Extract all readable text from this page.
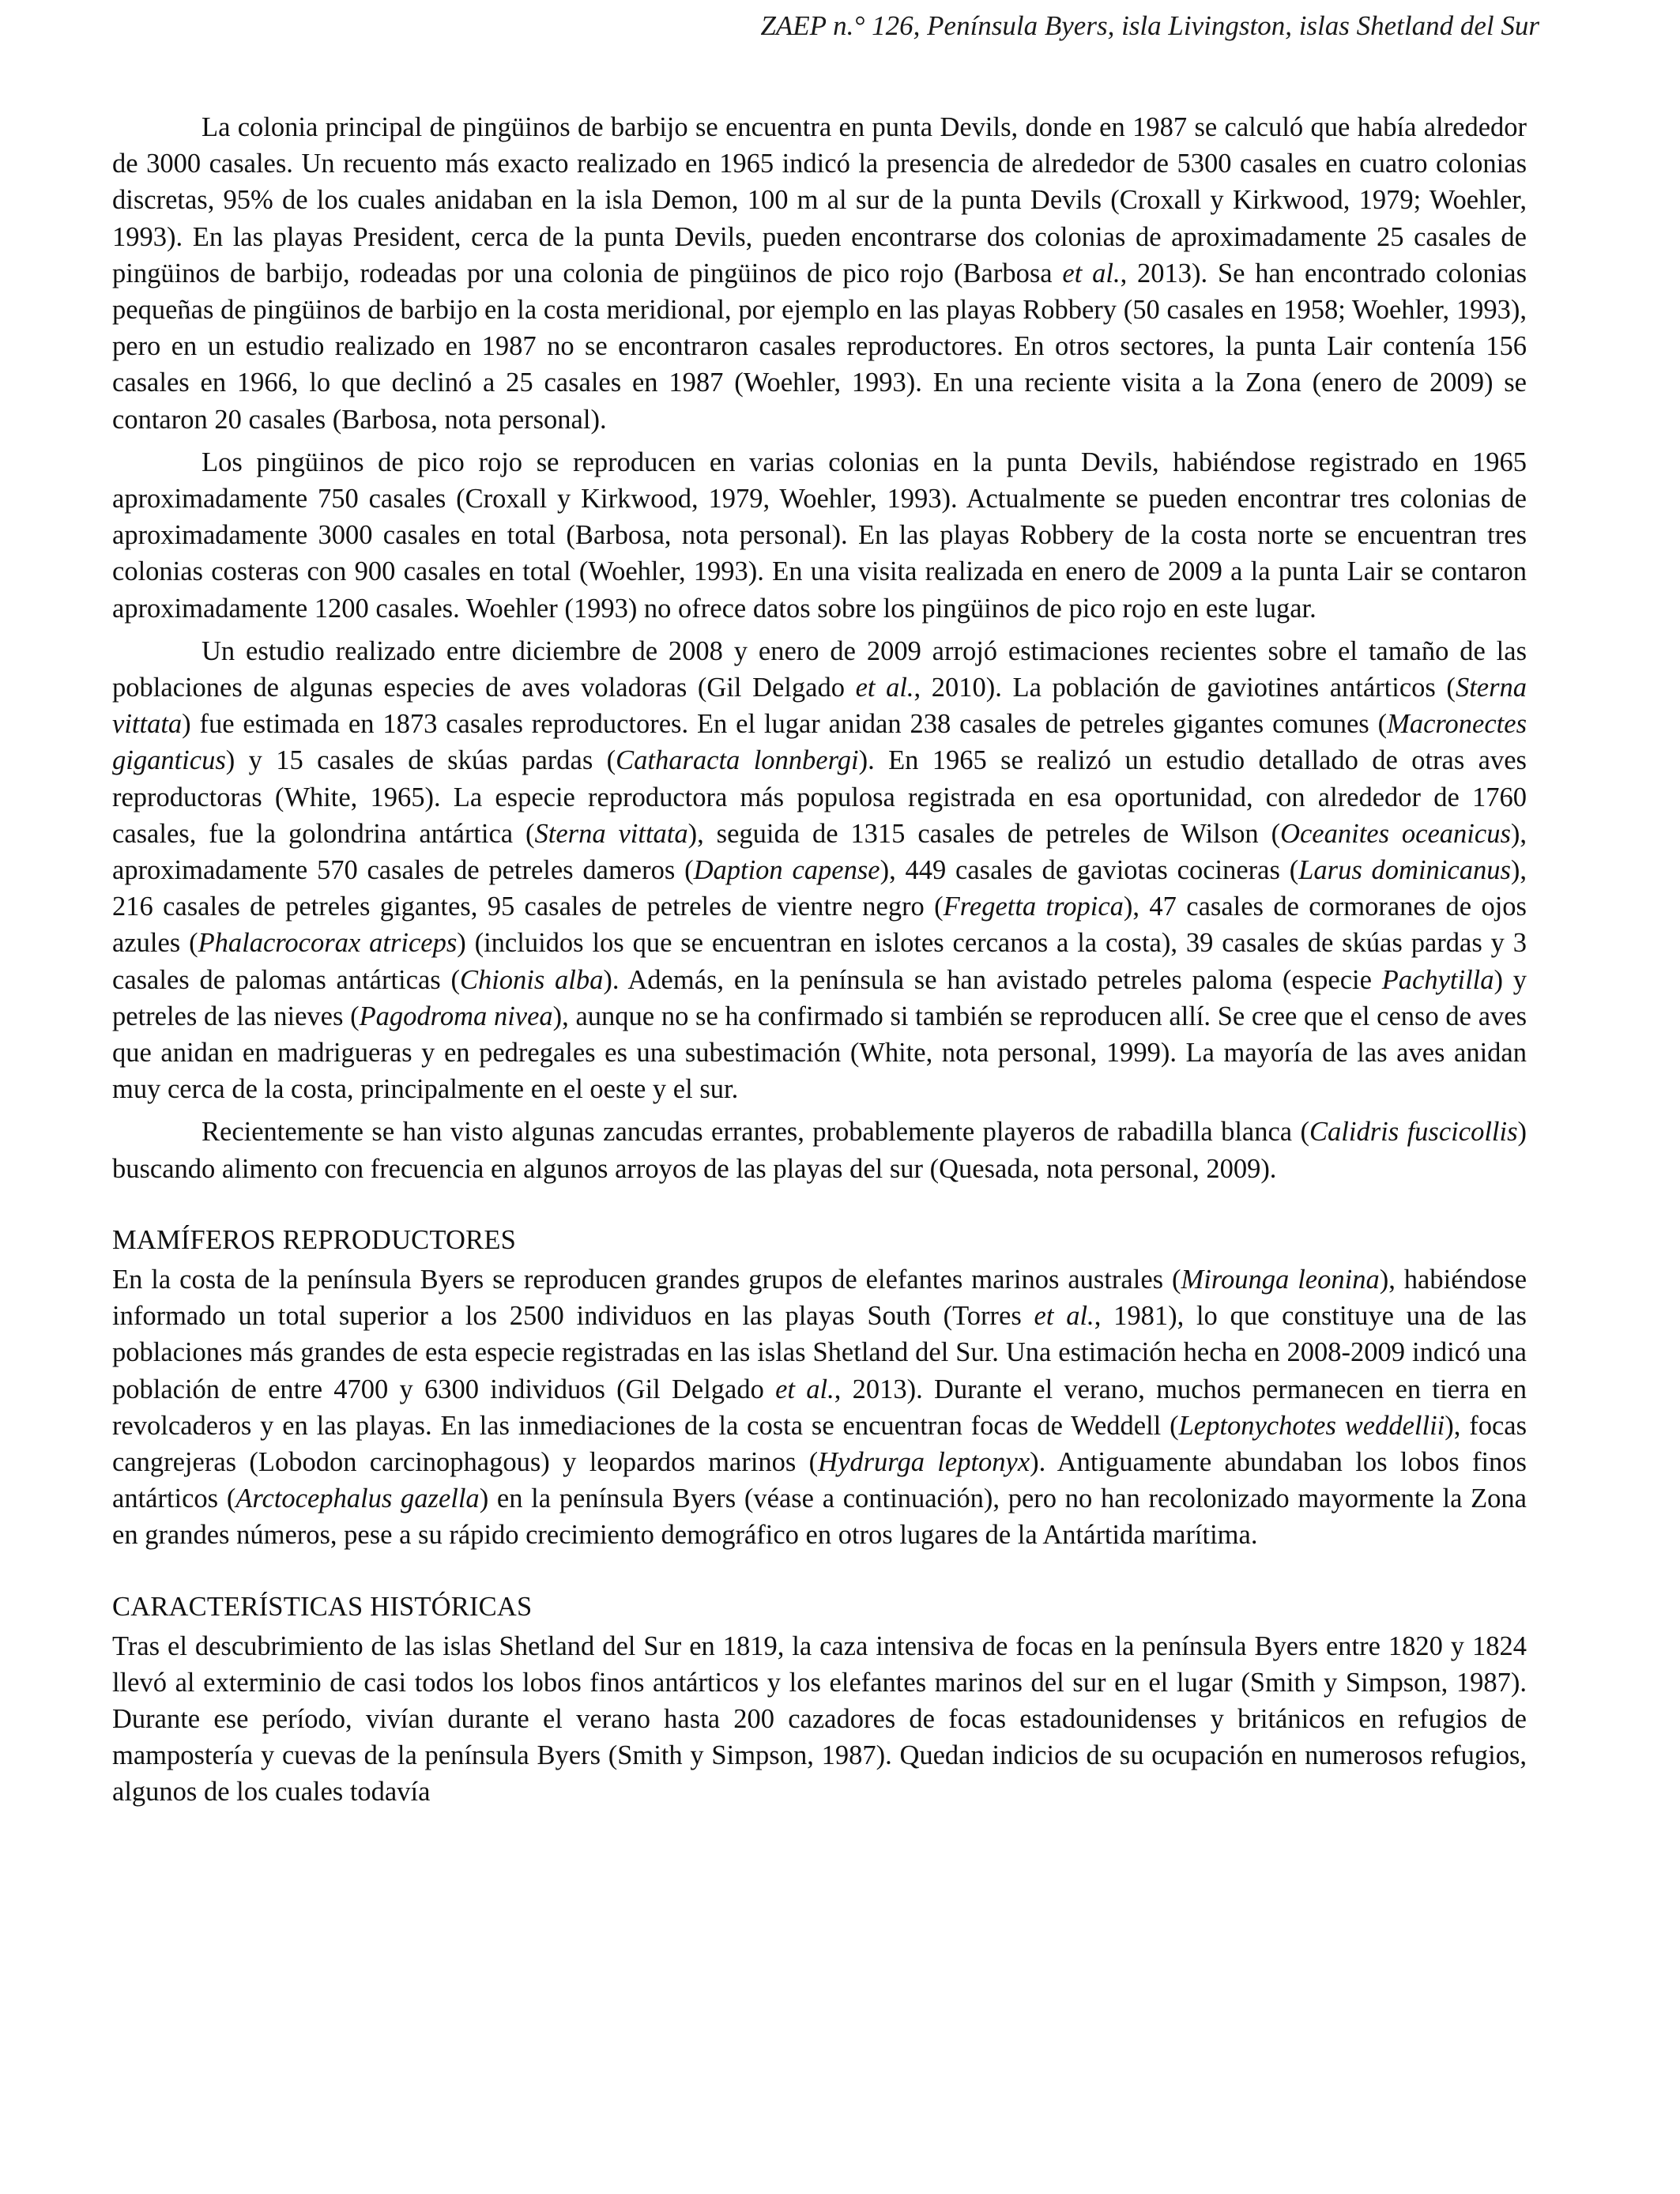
ZAEP n.° 126, Península Byers, isla Livingston, islas Shetland del Sur

La colonia principal de pingüinos de barbijo se encuentra en punta Devils, donde en 1987 se calculó que había alrededor de 3000 casales. Un recuento más exacto realizado en 1965 indicó la presencia de alrededor de 5300 casales en cuatro colonias discretas, 95% de los cuales anidaban en la isla Demon, 100 m al sur de la punta Devils (Croxall y Kirkwood, 1979; Woehler, 1993). En las playas President, cerca de la punta Devils, pueden encontrarse dos colonias de aproximadamente 25 casales de pingüinos de barbijo, rodeadas por una colonia de pingüinos de pico rojo (Barbosa et al., 2013). Se han encontrado colonias pequeñas de pingüinos de barbijo en la costa meridional, por ejemplo en las playas Robbery (50 casales en 1958; Woehler, 1993), pero en un estudio realizado en 1987 no se encontraron casales reproductores. En otros sectores, la punta Lair contenía 156 casales en 1966, lo que declinó a 25 casales en 1987 (Woehler, 1993). En una reciente visita a la Zona (enero de 2009) se contaron 20 casales (Barbosa, nota personal).

Los pingüinos de pico rojo se reproducen en varias colonias en la punta Devils, habiéndose registrado en 1965 aproximadamente 750 casales (Croxall y Kirkwood, 1979, Woehler, 1993). Actualmente se pueden encontrar tres colonias de aproximadamente 3000 casales en total (Barbosa, nota personal). En las playas Robbery de la costa norte se encuentran tres colonias costeras con 900 casales en total (Woehler, 1993). En una visita realizada en enero de 2009 a la punta Lair se contaron aproximadamente 1200 casales. Woehler (1993) no ofrece datos sobre los pingüinos de pico rojo en este lugar.

Un estudio realizado entre diciembre de 2008 y enero de 2009 arrojó estimaciones recientes sobre el tamaño de las poblaciones de algunas especies de aves voladoras (Gil Delgado et al., 2010). La población de gaviotines antárticos (Sterna vittata) fue estimada en 1873 casales reproductores. En el lugar anidan 238 casales de petreles gigantes comunes (Macronectes giganticus) y 15 casales de skúas pardas (Catharacta lonnbergi). En 1965 se realizó un estudio detallado de otras aves reproductoras (White, 1965). La especie reproductora más populosa registrada en esa oportunidad, con alrededor de 1760 casales, fue la golondrina antártica (Sterna vittata), seguida de 1315 casales de petreles de Wilson (Oceanites oceanicus), aproximadamente 570 casales de petreles dameros (Daption capense), 449 casales de gaviotas cocineras (Larus dominicanus), 216 casales de petreles gigantes, 95 casales de petreles de vientre negro (Fregetta tropica), 47 casales de cormoranes de ojos azules (Phalacrocorax atriceps) (incluidos los que se encuentran en islotes cercanos a la costa), 39 casales de skúas pardas y 3 casales de palomas antárticas (Chionis alba). Además, en la península se han avistado petreles paloma (especie Pachytilla) y petreles de las nieves (Pagodroma nivea), aunque no se ha confirmado si también se reproducen allí. Se cree que el censo de aves que anidan en madrigueras y en pedregales es una subestimación (White, nota personal, 1999). La mayoría de las aves anidan muy cerca de la costa, principalmente en el oeste y el sur.

Recientemente se han visto algunas zancudas errantes, probablemente playeros de rabadilla blanca (Calidris fuscicollis) buscando alimento con frecuencia en algunos arroyos de las playas del sur (Quesada, nota personal, 2009).

MAMÍFEROS REPRODUCTORES

En la costa de la península Byers se reproducen grandes grupos de elefantes marinos australes (Mirounga leonina), habiéndose informado un total superior a los 2500 individuos en las playas South (Torres et al., 1981), lo que constituye una de las poblaciones más grandes de esta especie registradas en las islas Shetland del Sur. Una estimación hecha en 2008-2009 indicó una población de entre 4700 y 6300 individuos (Gil Delgado et al., 2013). Durante el verano, muchos permanecen en tierra en revolcaderos y en las playas. En las inmediaciones de la costa se encuentran focas de Weddell (Leptonychotes weddellii), focas cangrejeras (Lobodon carcinophagous) y leopardos marinos (Hydrurga leptonyx). Antiguamente abundaban los lobos finos antárticos (Arctocephalus gazella) en la península Byers (véase a continuación), pero no han recolonizado mayormente la Zona en grandes números, pese a su rápido crecimiento demográfico en otros lugares de la Antártida marítima.

CARACTERÍSTICAS HISTÓRICAS

Tras el descubrimiento de las islas Shetland del Sur en 1819, la caza intensiva de focas en la península Byers entre 1820 y 1824 llevó al exterminio de casi todos los lobos finos antárticos y los elefantes marinos del sur en el lugar (Smith y Simpson, 1987). Durante ese período, vivían durante el verano hasta 200 cazadores de focas estadounidenses y británicos en refugios de mampostería y cuevas de la península Byers (Smith y Simpson, 1987). Quedan indicios de su ocupación en numerosos refugios, algunos de los cuales todavía
